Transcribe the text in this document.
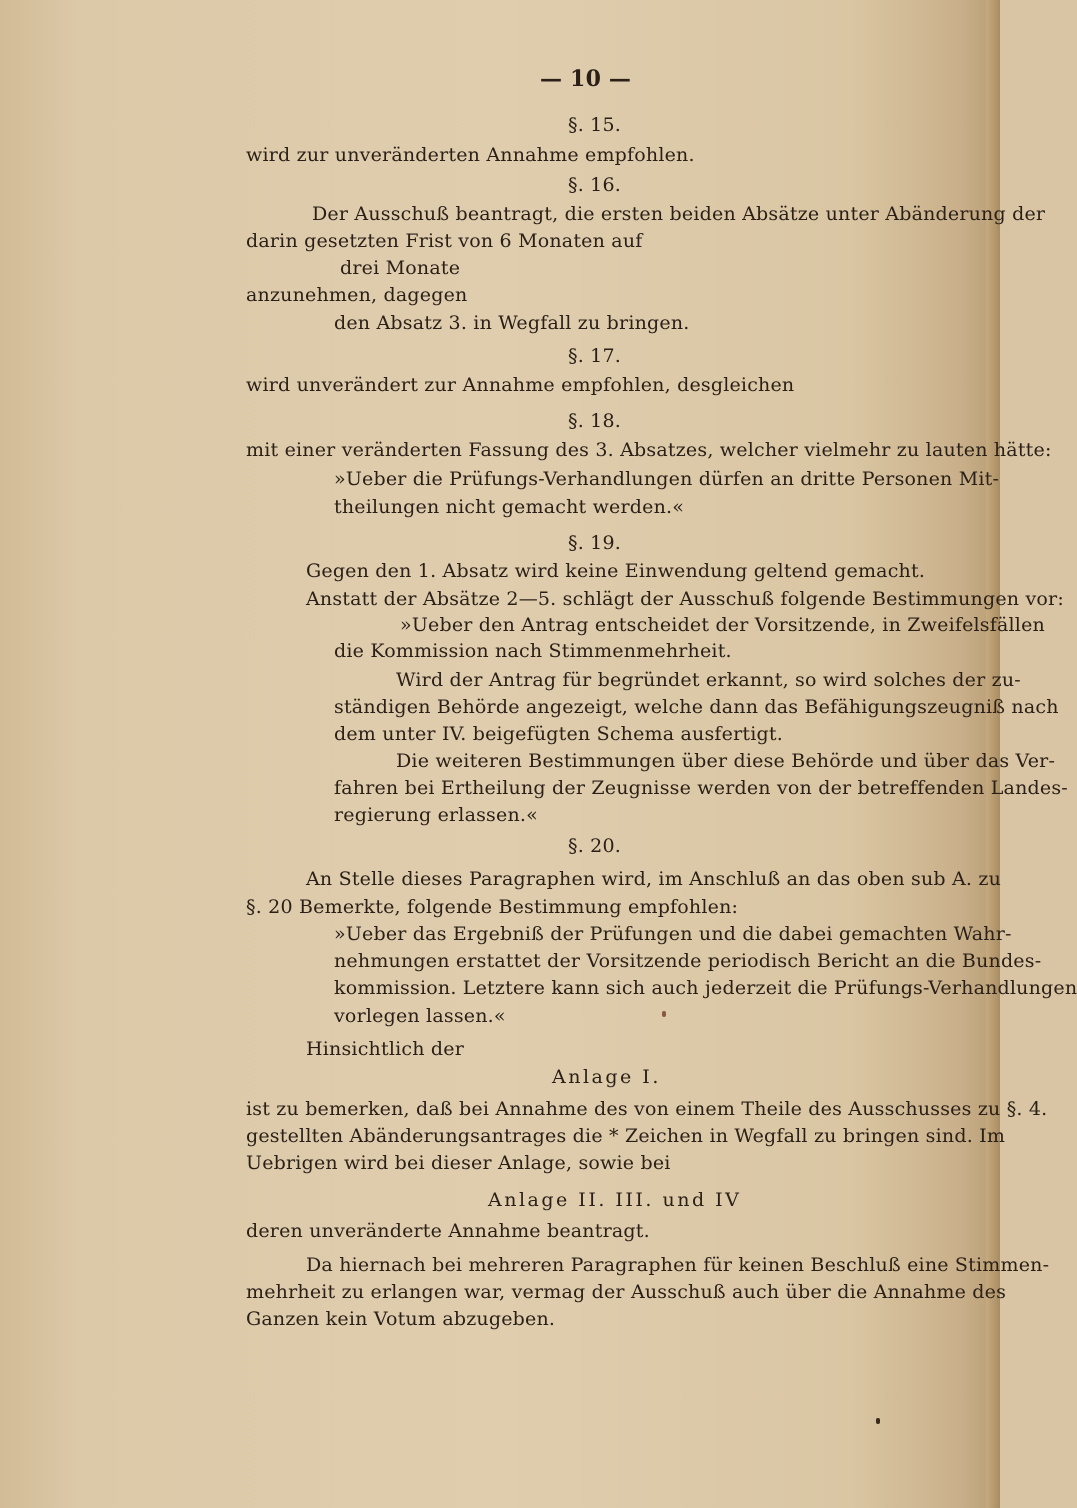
— 10 —
§. 15.
wird zur unveränderten Annahme empfohlen.
§. 16.
Der Ausschuß beantragt, die ersten beiden Absätze unter Abänderung der
darin gesetzten Frist von 6 Monaten auf
drei Monate
anzunehmen, dagegen
den Absatz 3. in Wegfall zu bringen.
§. 17.
wird unverändert zur Annahme empfohlen, desgleichen
§. 18.
mit einer veränderten Fassung des 3. Absatzes, welcher vielmehr zu lauten hätte:
»Ueber die Prüfungs-Verhandlungen dürfen an dritte Personen Mit-
theilungen nicht gemacht werden.«
§. 19.
Gegen den 1. Absatz wird keine Einwendung geltend gemacht.
Anstatt der Absätze 2—5. schlägt der Ausschuß folgende Bestimmungen vor:
»Ueber den Antrag entscheidet der Vorsitzende, in Zweifelsfällen
die Kommission nach Stimmenmehrheit.
Wird der Antrag für begründet erkannt, so wird solches der zu-
ständigen Behörde angezeigt, welche dann das Befähigungszeugniß nach
dem unter IV. beigefügten Schema ausfertigt.
Die weiteren Bestimmungen über diese Behörde und über das Ver-
fahren bei Ertheilung der Zeugnisse werden von der betreffenden Landes-
regierung erlassen.«
§. 20.
An Stelle dieses Paragraphen wird, im Anschluß an das oben sub A. zu
§. 20 Bemerkte, folgende Bestimmung empfohlen:
»Ueber das Ergebniß der Prüfungen und die dabei gemachten Wahr-
nehmungen erstattet der Vorsitzende periodisch Bericht an die Bundes-
kommission. Letztere kann sich auch jederzeit die Prüfungs-Verhandlungen
vorlegen lassen.«
Hinsichtlich der
Anlage I.
ist zu bemerken, daß bei Annahme des von einem Theile des Ausschusses zu §. 4.
gestellten Abänderungsantrages die * Zeichen in Wegfall zu bringen sind. Im
Uebrigen wird bei dieser Anlage, sowie bei
Anlage II. III. und IV
deren unveränderte Annahme beantragt.
Da hiernach bei mehreren Paragraphen für keinen Beschluß eine Stimmen-
mehrheit zu erlangen war, vermag der Ausschuß auch über die Annahme des
Ganzen kein Votum abzugeben.
